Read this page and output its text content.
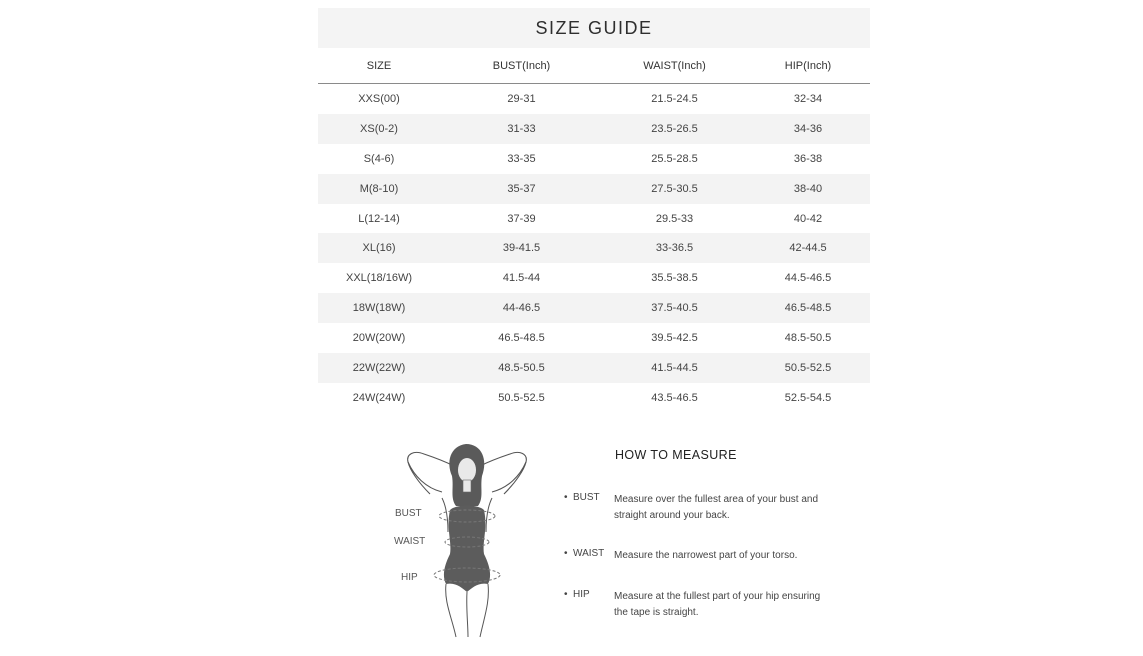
SIZE GUIDE
SIZE	BUST(Inch)	WAIST(Inch)	HIP(Inch)
XXS(00)	29-31	21.5-24.5	32-34
XS(0-2)	31-33	23.5-26.5	34-36
S(4-6)	33-35	25.5-28.5	36-38
M(8-10)	35-37	27.5-30.5	38-40
L(12-14)	37-39	29.5-33	40-42
XL(16)	39-41.5	33-36.5	42-44.5
XXL(18/16W)	41.5-44	35.5-38.5	44.5-46.5
18W(18W)	44-46.5	37.5-40.5	46.5-48.5
20W(20W)	46.5-48.5	39.5-42.5	48.5-50.5
22W(22W)	48.5-50.5	41.5-44.5	50.5-52.5
24W(24W)	50.5-52.5	43.5-46.5	52.5-54.5
BUST
WAIST
HIP
HOW TO MEASURE
• BUST Measure over the fullest area of your bust and straight around your back.
• WAIST Measure the narrowest part of your torso.
• HIP Measure at the fullest part of your hip ensuring the tape is straight.
